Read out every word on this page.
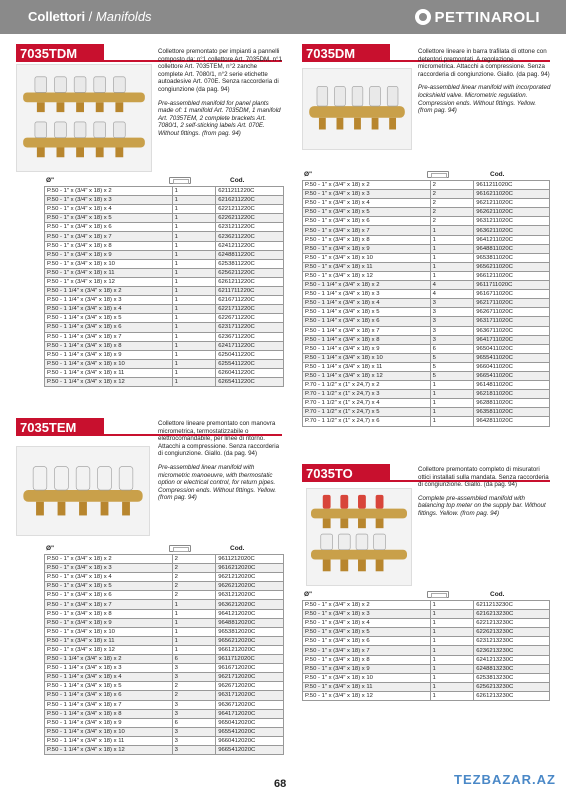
Collettori / Manifolds	PETTINAROLI
7035TDM	Collettore premontato per impianti a pannelli composto da: n°1 collettore Art. 7035DM, n°1 collettore Art. 7035TEM, n°2 zanche complete Art. 7080/1, n°2 serie etichette autoadesive Art. 070E. Senza raccorderia di congiunzione (da pag. 94)

Pre-assembled manifold for panel plants made of: 1 manifold Art. 7035DM, 1 manifold Art. 7035TEM, 2 complete brackets Art. 7080/1, 2 self-sticking labels Art. 070E. Without fittings. (from pag. 94)

Ø"	Cod.
P.50 - 1" x (3/4" x 18) x 2	1	6211211220C
P.50 - 1" x (3/4" x 18) x 3	1	6216211220C
P.50 - 1" x (3/4" x 18) x 4	1	6221211220C
P.50 - 1" x (3/4" x 18) x 5	1	6226211220C
P.50 - 1" x (3/4" x 18) x 6	1	6231211220C
P.50 - 1" x (3/4" x 18) x 7	1	6236211220C
P.50 - 1" x (3/4" x 18) x 8	1	6241211220C
P.50 - 1" x (3/4" x 18) x 9	1	6248811220C
P.50 - 1" x (3/4" x 18) x 10	1	6253811220C
P.50 - 1" x (3/4" x 18) x 11	1	6256211220C
P.50 - 1" x (3/4" x 18) x 12	1	6261211220C
P.50 - 1 1/4" x (3/4" x 18) x 2	1	6211711220C
P.50 - 1 1/4" x (3/4" x 18) x 3	1	6216711220C
P.50 - 1 1/4" x (3/4" x 18) x 4	1	6221711220C
P.50 - 1 1/4" x (3/4" x 18) x 5	1	6226711220C
P.50 - 1 1/4" x (3/4" x 18) x 6	1	6231711220C
P.50 - 1 1/4" x (3/4" x 18) x 7	1	6236711220C
P.50 - 1 1/4" x (3/4" x 18) x 8	1	6241711220C
P.50 - 1 1/4" x (3/4" x 18) x 9	1	6250411220C
P.50 - 1 1/4" x (3/4" x 18) x 10	1	6255411220C
P.50 - 1 1/4" x (3/4" x 18) x 11	1	6260411220C
P.50 - 1 1/4" x (3/4" x 18) x 12	1	6265411220C
7035DM	Collettore lineare in barra trafilata di ottone con detentori premontati. A regolazione micrometrica. Attacchi a compressione. Senza raccorderia di congiunzione. Giallo. (da pag. 94)

Pre-assembled linear manifold with incorporated lockshield valve. Micrometric regulation. Compression ends. Without fittings. Yellow. (from pag. 94)

Ø"	Cod.
P.50 - 1" x (3/4" x 18) x 2	2	9611211020C
P.50 - 1" x (3/4" x 18) x 3	2	9616211020C
P.50 - 1" x (3/4" x 18) x 4	2	9621211020C
P.50 - 1" x (3/4" x 18) x 5	2	9626211020C
P.50 - 1" x (3/4" x 18) x 6	2	9631211020C
P.50 - 1" x (3/4" x 18) x 7	1	9636211020C
P.50 - 1" x (3/4" x 18) x 8	1	9641211020C
P.50 - 1" x (3/4" x 18) x 9	1	9648811020C
P.50 - 1" x (3/4" x 18) x 10	1	9653811020C
P.50 - 1" x (3/4" x 18) x 11	1	9656211020C
P.50 - 1" x (3/4" x 18) x 12	1	9661211020C
P.50 - 1 1/4" x (3/4" x 18) x 2	4	9611711020C
P.50 - 1 1/4" x (3/4" x 18) x 3	4	9616711020C
P.50 - 1 1/4" x (3/4" x 18) x 4	3	9621711020C
P.50 - 1 1/4" x (3/4" x 18) x 5	3	9626711020C
P.50 - 1 1/4" x (3/4" x 18) x 6	3	9631711020C
P.50 - 1 1/4" x (3/4" x 18) x 7	3	9636711020C
P.50 - 1 1/4" x (3/4" x 18) x 8	3	9641711020C
P.50 - 1 1/4" x (3/4" x 18) x 9	6	9650411020C
P.50 - 1 1/4" x (3/4" x 18) x 10	5	9655411020C
P.50 - 1 1/4" x (3/4" x 18) x 11	5	9660411020C
P.50 - 1 1/4" x (3/4" x 18) x 12	5	9665411020C
P.70 - 1 1/2" x (1" x 24,7) x 2	1	9614811020C
P.70 - 1 1/2" x (1" x 24,7) x 3	1	9621811020C
P.70 - 1 1/2" x (1" x 24,7) x 4	1	9628811020C
P.70 - 1 1/2" x (1" x 24,7) x 5	1	9635811020C
P.70 - 1 1/2" x (1" x 24,7) x 6	1	9642811020C
7035TEM	Collettore lineare premontato con manovra micrometrica, termostatizzabile o elettrocomandabile, per linee di ritorno. Attacchi a compressione. Senza raccorderia di congiunzione. Giallo. (da pag. 94)

Pre-assembled linear manifold with micrometric manoeuvre, with thermostatic option or electrical control, for return pipes. Compression ends. Without fittings. Yellow. (from pag. 94)

Ø"	Cod.
P.50 - 1" x (3/4" x 18) x 2	2	9611212020C
P.50 - 1" x (3/4" x 18) x 3	2	9616212020C
P.50 - 1" x (3/4" x 18) x 4	2	9621212020C
P.50 - 1" x (3/4" x 18) x 5	2	9626212020C
P.50 - 1" x (3/4" x 18) x 6	2	9631212020C
P.50 - 1" x (3/4" x 18) x 7	1	9636212020C
P.50 - 1" x (3/4" x 18) x 8	1	9641212020C
P.50 - 1" x (3/4" x 18) x 9	1	9648812020C
P.50 - 1" x (3/4" x 18) x 10	1	9653812020C
P.50 - 1" x (3/4" x 18) x 11	1	9656212020C
P.50 - 1" x (3/4" x 18) x 12	1	9661212020C
P.50 - 1 1/4" x (3/4" x 18) x 2	6	9611712020C
P.50 - 1 1/4" x (3/4" x 18) x 3	3	9616712020C
P.50 - 1 1/4" x (3/4" x 18) x 4	3	9621712020C
P.50 - 1 1/4" x (3/4" x 18) x 5	2	9626712020C
P.50 - 1 1/4" x (3/4" x 18) x 6	2	9631712020C
P.50 - 1 1/4" x (3/4" x 18) x 7	3	9636712020C
P.50 - 1 1/4" x (3/4" x 18) x 8	3	9641712020C
P.50 - 1 1/4" x (3/4" x 18) x 9	6	9650412020C
P.50 - 1 1/4" x (3/4" x 18) x 10	3	9655412020C
P.50 - 1 1/4" x (3/4" x 18) x 11	3	9660412020C
P.50 - 1 1/4" x (3/4" x 18) x 12	3	9665412020C
7035TO	Collettore premontato completo di misuratori ottici installati sulla mandata. Senza raccorderia di congiunzione. Giallo. (da pag. 94)

Complete pre-assembled manifold with balancing top meter on the supply bar. Without fittings. Yellow. (from pag. 94)

Ø"	Cod.
P.50 - 1" x (3/4" x 18) x 2	1	6211213230C
P.50 - 1" x (3/4" x 18) x 3	1	6216213230C
P.50 - 1" x (3/4" x 18) x 4	1	6221213230C
P.50 - 1" x (3/4" x 18) x 5	1	6226213230C
P.50 - 1" x (3/4" x 18) x 6	1	6231213230C
P.50 - 1" x (3/4" x 18) x 7	1	6236213230C
P.50 - 1" x (3/4" x 18) x 8	1	6241213230C
P.50 - 1" x (3/4" x 18) x 9	1	6248813230C
P.50 - 1" x (3/4" x 18) x 10	1	6253813230C
P.50 - 1" x (3/4" x 18) x 11	1	6256213230C
P.50 - 1" x (3/4" x 18) x 12	1	6261213230C
68	TEZBAZAR.AZ
